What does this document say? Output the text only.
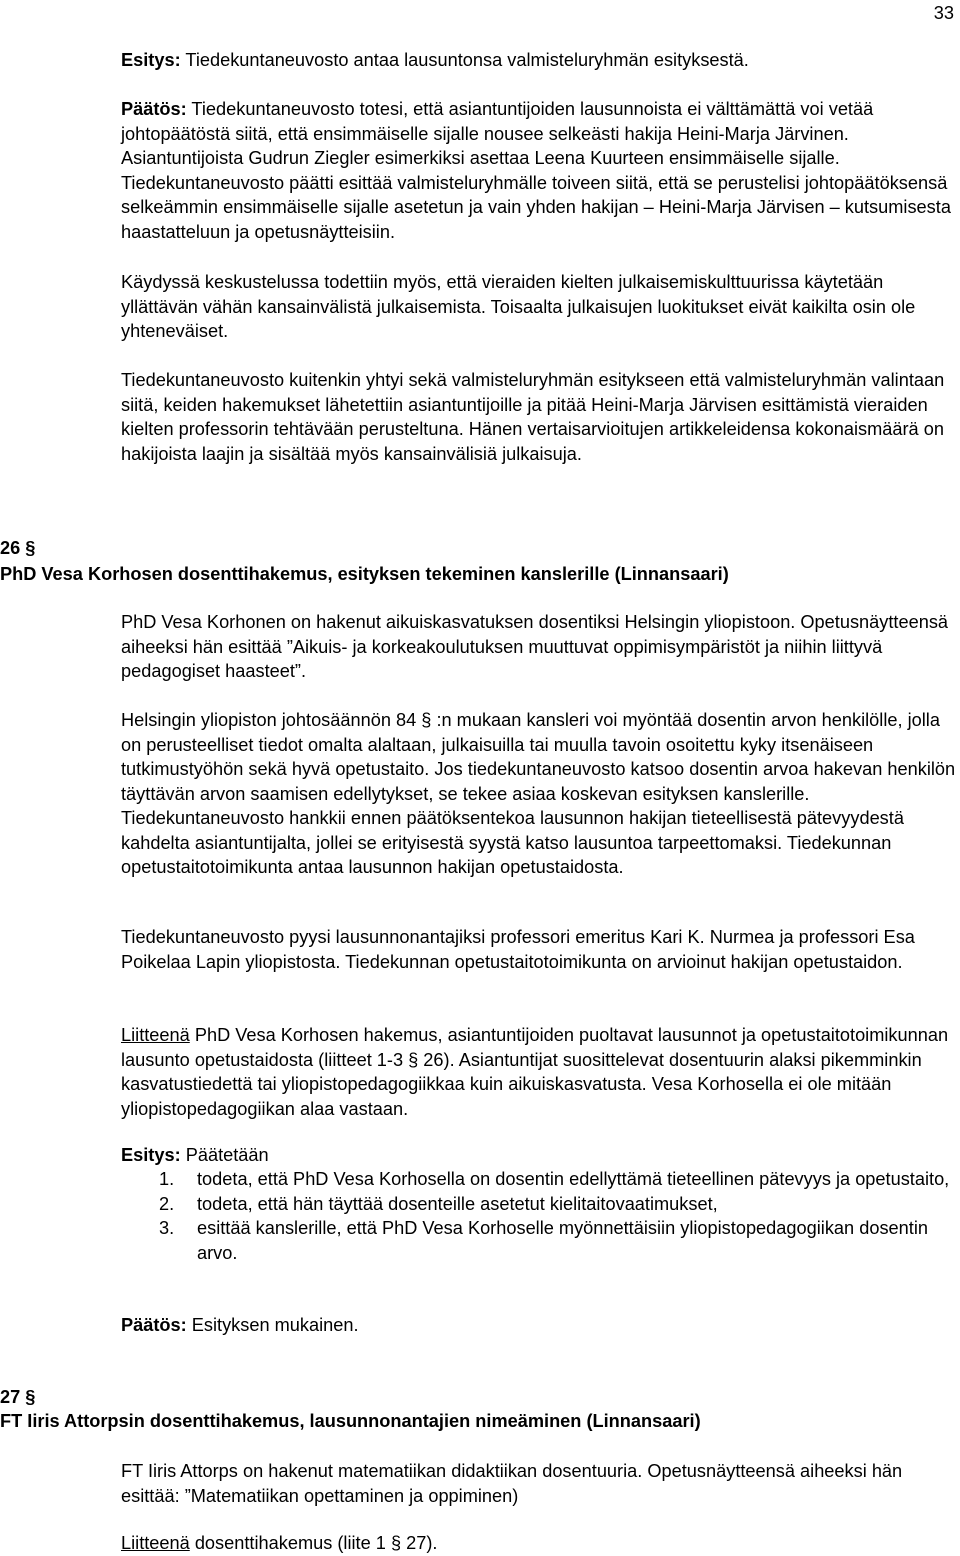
33

Esitys: Tiedekuntaneuvosto antaa lausuntonsa valmisteluryhmän esityksestä.

Päätös: Tiedekuntaneuvosto totesi, että asiantuntijoiden lausunnoista ei välttämättä voi vetää johtopäätöstä siitä, että ensimmäiselle sijalle nousee selkeästi hakija Heini-Marja Järvinen. Asiantuntijoista Gudrun Ziegler esimerkiksi asettaa Leena Kuurteen ensimmäiselle sijalle. Tiedekuntaneuvosto päätti esittää valmisteluryhmälle toiveen siitä, että se perustelisi johtopäätöksensä selkeämmin ensimmäiselle sijalle asetetun ja vain yhden hakijan – Heini-Marja Järvisen – kutsumisesta haastatteluun ja opetusnäytteisiin.

Käydyssä keskustelussa todettiin myös, että vieraiden kielten julkaisemiskulttuurissa käytetään yllättävän vähän kansainvälistä julkaisemista. Toisaalta julkaisujen luokitukset eivät kaikilta osin ole yhteneväiset.

Tiedekuntaneuvosto kuitenkin yhtyi sekä valmisteluryhmän esitykseen että valmisteluryhmän valintaan siitä, keiden hakemukset lähetettiin asiantuntijoille ja pitää Heini-Marja Järvisen esittämistä vieraiden kielten professorin tehtävään perusteltuna. Hänen vertaisarvioitujen artikkeleidensa kokonaismäärä on hakijoista laajin ja sisältää myös kansainvälisiä julkaisuja.

26 §
PhD Vesa Korhosen dosenttihakemus, esityksen tekeminen kanslerille (Linnansaari)

PhD Vesa Korhonen on hakenut aikuiskasvatuksen dosentiksi Helsingin yliopistoon. Opetusnäytteensä aiheeksi hän esittää ”Aikuis- ja korkeakoulutuksen muuttuvat oppimisympäristöt ja niihin liittyvä pedagogiset haasteet”.

Helsingin yliopiston johtosäännön 84 § :n mukaan kansleri voi myöntää dosentin arvon henkilölle, jolla on perusteelliset tiedot omalta alaltaan, julkaisuilla tai muulla tavoin osoitettu kyky itsenäiseen tutkimustyöhön sekä hyvä opetustaito. Jos tiedekuntaneuvosto katsoo dosentin arvoa hakevan henkilön täyttävän arvon saamisen edellytykset, se tekee asiaa koskevan esityksen kanslerille. Tiedekuntaneuvosto hankkii ennen päätöksentekoa lausunnon hakijan tieteellisestä pätevyydestä kahdelta asiantuntijalta, jollei se erityisestä syystä katso lausuntoa tarpeettomaksi. Tiedekunnan opetustaitotoimikunta antaa lausunnon hakijan opetustaidosta.

Tiedekuntaneuvosto pyysi lausunnonantajiksi professori emeritus Kari K. Nurmea ja professori Esa Poikelaa Lapin yliopistosta. Tiedekunnan opetustaitotoimikunta on arvioinut hakijan opetustaidon.

Liitteenä PhD Vesa Korhosen hakemus, asiantuntijoiden puoltavat lausunnot ja opetustaitotoimikunnan lausunto opetustaidosta (liitteet 1-3 § 26). Asiantuntijat suosittelevat dosentuurin alaksi pikemminkin kasvatustiedettä tai yliopistopedagogiikkaa kuin aikuiskasvatusta. Vesa Korhosella ei ole mitään yliopistopedagogiikan alaa vastaan.

Esitys: Päätetään

1. todeta, että PhD Vesa Korhosella on dosentin edellyttämä tieteellinen pätevyys ja opetustaito,
2. todeta, että hän täyttää dosenteille asetetut kielitaitovaatimukset,
3. esittää kanslerille, että PhD Vesa Korhoselle myönnettäisiin yliopistopedagogiikan dosentin arvo.

Päätös: Esityksen mukainen.

27 §
FT Iiris Attorpsin dosenttihakemus, lausunnonantajien nimeäminen (Linnansaari)

FT Iiris Attorps on hakenut matematiikan didaktiikan dosentuuria. Opetusnäytteensä aiheeksi hän esittää: ”Matematiikan opettaminen ja oppiminen)

Liitteenä dosenttihakemus (liite 1 § 27).
